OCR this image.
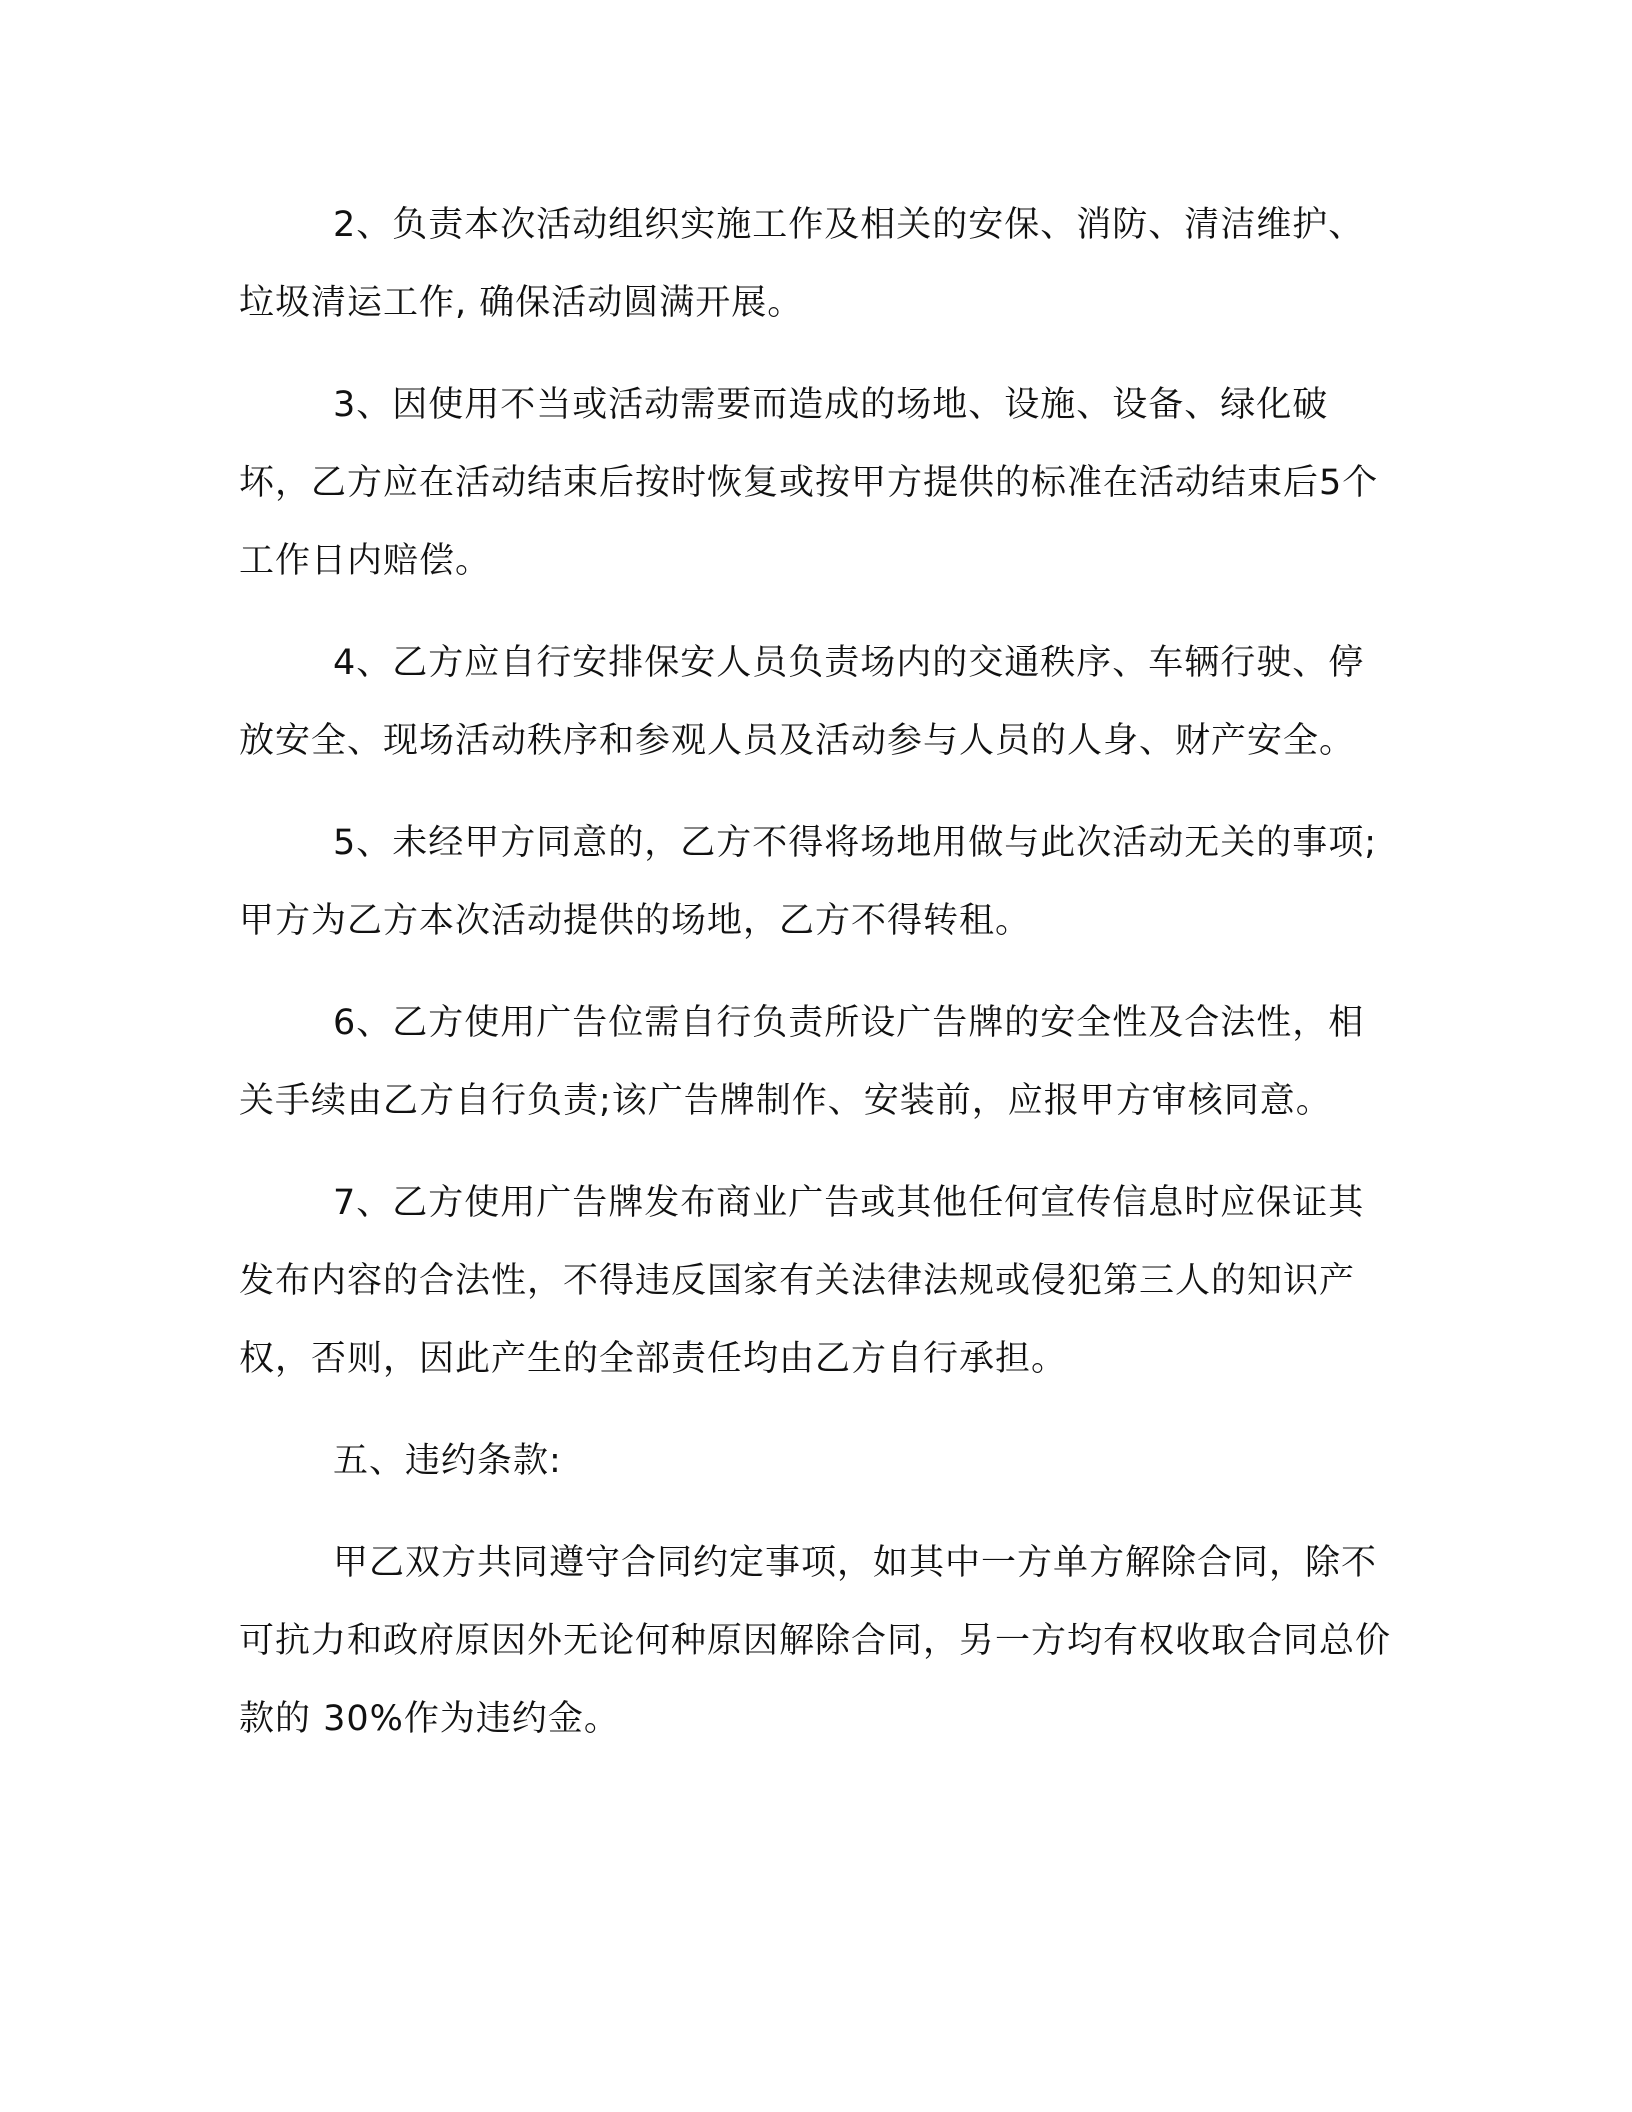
2、负责本次活动组织实施工作及相关的安保、消防、清洁维护、垃圾清运工作, 确保活动圆满开展。

3、因使用不当或活动需要而造成的场地、设施、设备、绿化破坏，乙方应在活动结束后按时恢复或按甲方提供的标准在活动结束后5个工作日内赔偿。

4、乙方应自行安排保安人员负责场内的交通秩序、车辆行驶、停放安全、现场活动秩序和参观人员及活动参与人员的人身、财产安全。

5、未经甲方同意的，乙方不得将场地用做与此次活动无关的事项;甲方为乙方本次活动提供的场地，乙方不得转租。

6、乙方使用广告位需自行负责所设广告牌的安全性及合法性，相关手续由乙方自行负责;该广告牌制作、安装前，应报甲方审核同意。

7、乙方使用广告牌发布商业广告或其他任何宣传信息时应保证其发布内容的合法性，不得违反国家有关法律法规或侵犯第三人的知识产权，否则，因此产生的全部责任均由乙方自行承担。

五、违约条款:

甲乙双方共同遵守合同约定事项，如其中一方单方解除合同，除不可抗力和政府原因外无论何种原因解除合同，另一方均有权收取合同总价款的 30%作为违约金。
